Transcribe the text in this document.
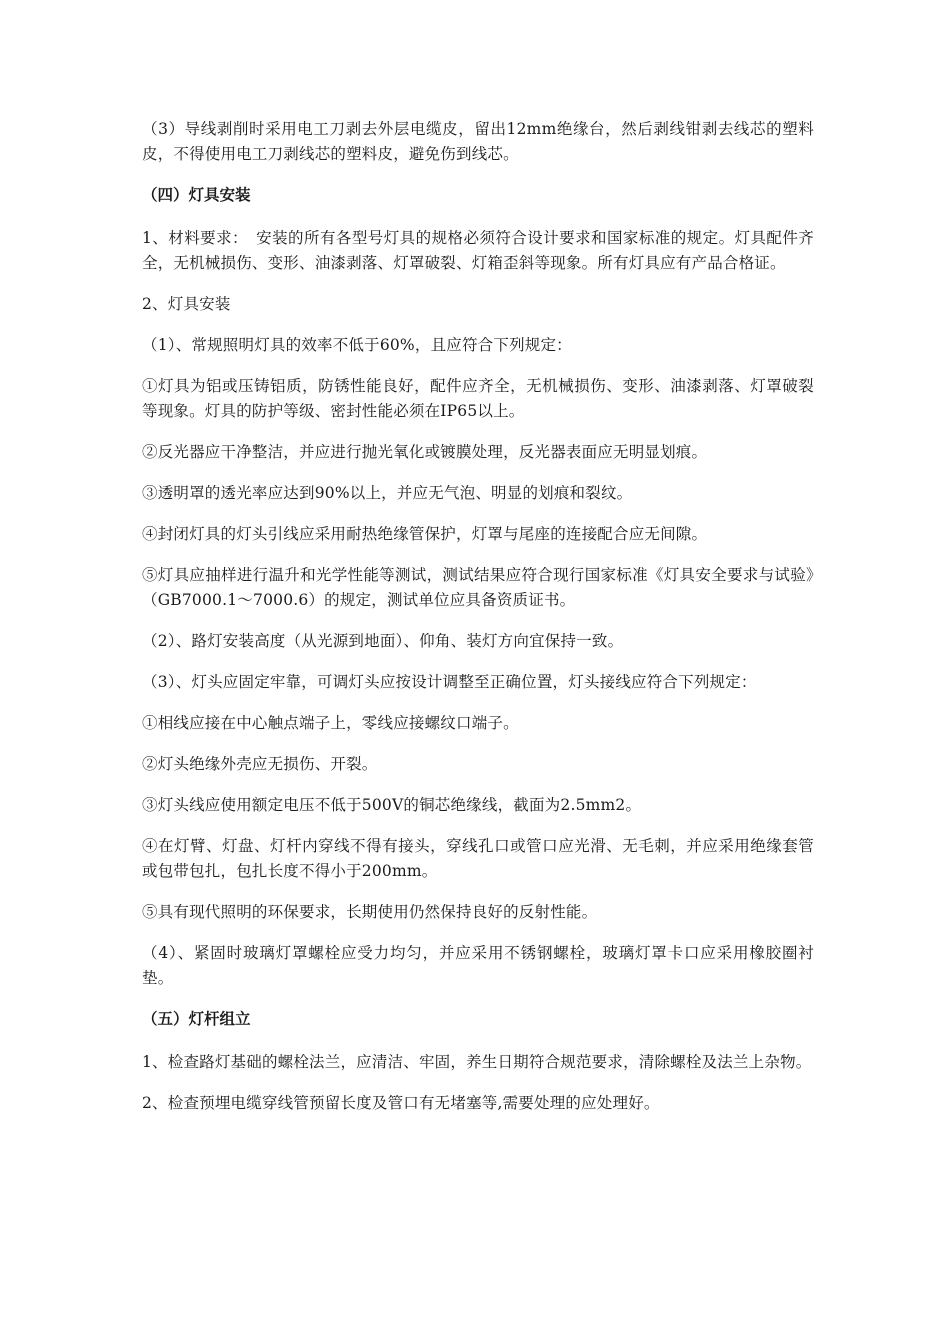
（3）导线剥削时采用电工刀剥去外层电缆皮，留出12mm绝缘台，然后剥线钳剥去线芯的塑料皮，不得使用电工刀剥线芯的塑料皮，避免伤到线芯。

（四）灯具安装

1、材料要求：　安装的所有各型号灯具的规格必须符合设计要求和国家标准的规定。灯具配件齐全，无机械损伤、变形、油漆剥落、灯罩破裂、灯箱歪斜等现象。所有灯具应有产品合格证。

2、灯具安装

（1）、常规照明灯具的效率不低于60%，且应符合下列规定：

①灯具为铝或压铸铝质，防锈性能良好，配件应齐全，无机械损伤、变形、油漆剥落、灯罩破裂等现象。灯具的防护等级、密封性能必须在IP65以上。

②反光器应干净整洁，并应进行抛光氧化或镀膜处理，反光器表面应无明显划痕。

③透明罩的透光率应达到90%以上，并应无气泡、明显的划痕和裂纹。

④封闭灯具的灯头引线应采用耐热绝缘管保护，灯罩与尾座的连接配合应无间隙。

⑤灯具应抽样进行温升和光学性能等测试，测试结果应符合现行国家标准《灯具安全要求与试验》（GB7000.1～7000.6）的规定，测试单位应具备资质证书。

（2）、路灯安装高度（从光源到地面）、仰角、装灯方向宜保持一致。

（3）、灯头应固定牢靠，可调灯头应按设计调整至正确位置，灯头接线应符合下列规定：

①相线应接在中心触点端子上，零线应接螺纹口端子。

②灯头绝缘外壳应无损伤、开裂。

③灯头线应使用额定电压不低于500V的铜芯绝缘线，截面为2.5mm2。

④在灯臂、灯盘、灯杆内穿线不得有接头，穿线孔口或管口应光滑、无毛刺，并应采用绝缘套管或包带包扎，包扎长度不得小于200mm。

⑤具有现代照明的环保要求，长期使用仍然保持良好的反射性能。

（4）、紧固时玻璃灯罩螺栓应受力均匀，并应采用不锈钢螺栓，玻璃灯罩卡口应采用橡胶圈衬垫。

（五）灯杆组立

1、检查路灯基础的螺栓法兰，应清洁、牢固，养生日期符合规范要求，清除螺栓及法兰上杂物。

2、检查预埋电缆穿线管预留长度及管口有无堵塞等,需要处理的应处理好。
